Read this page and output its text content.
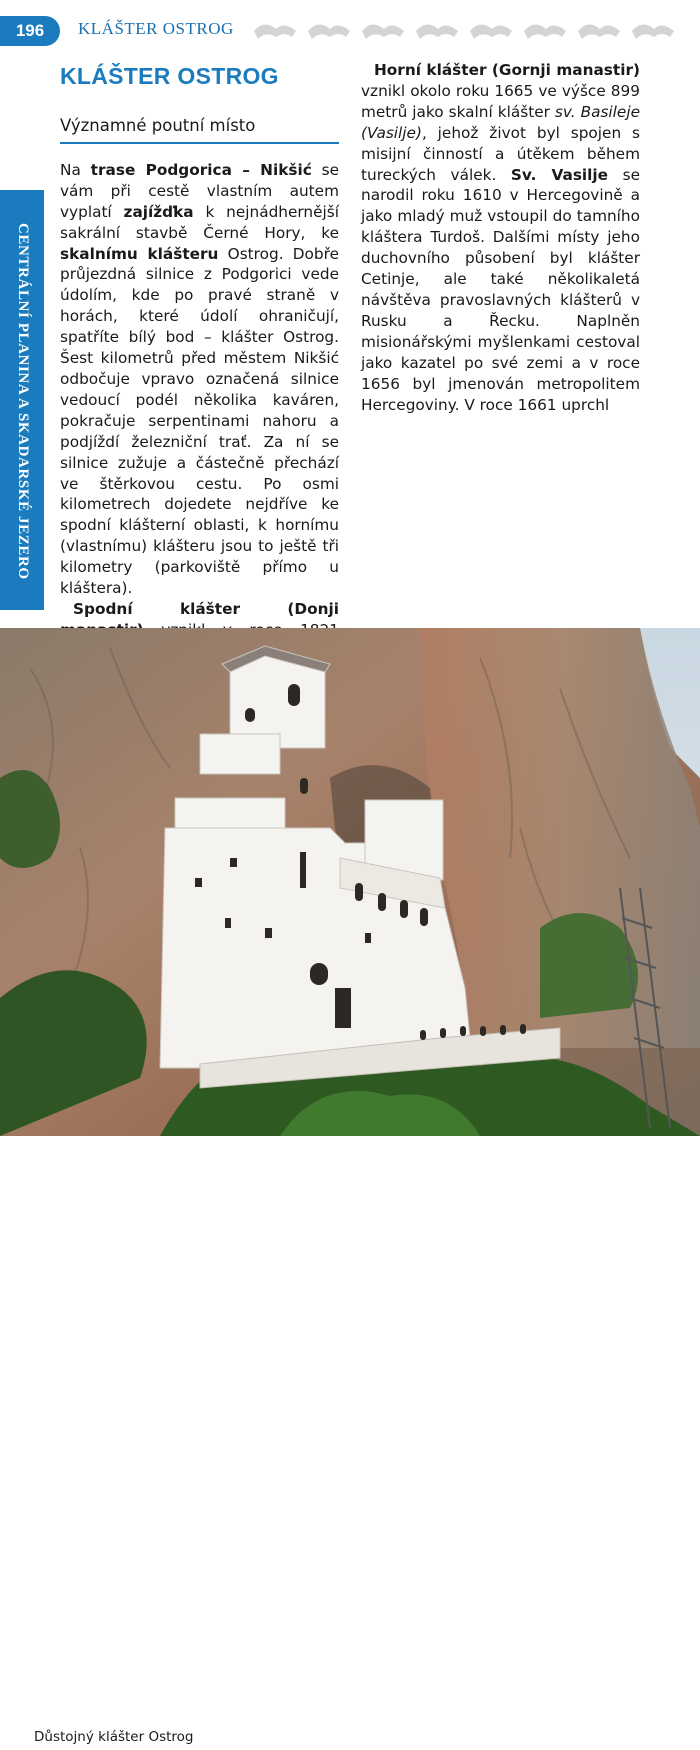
196	KLÁŠTER OSTROG
CENTRÁLNÍ PLANINA A SKADARSKÉ JEZERO
KLÁŠTER OSTROG
Významné poutní místo

Na trase Podgorica – Nikšić se vám při cestě vlastním autem vyplatí zajížďka k nejnádhernější sakrální stavbě Černé Hory, ke skalnímu klášteru Ostrog. Dobře průjezdná silnice z Podgorici vede údolím, kde po pravé straně v horách, které údolí ohraničují, spatříte bílý bod – klášter Ostrog. Šest kilometrů před městem Nikšić odbočuje vpravo označená silnice vedoucí podél několika kaváren, pokračuje serpentinami nahoru a podjíždí železniční trať. Za ní se silnice zužuje a částečně přechází ve štěrkovou cestu. Po osmi kilometrech dojedete nejdříve ke spodní klášterní oblasti, k hornímu (vlastnímu) klášteru jsou to ještě tři kilometry (parkoviště přímo u kláštera).

Spodní klášter (Donji

Horní klášter (Gornji manastir) vznikl okolo roku 1665 ve výšce 899 metrů jako skalní klášter sv. Basileje (Vasilje), jehož život byl spojen s misijní činností a útěkem během tureckých válek. Sv. Vasilje se narodil roku 1610 v Hercegovině a jako mladý muž vstoupil do tamního kláštera Turdoš. Dalšími místy jeho duchovního působení byl klášter Cetinje, ale také několikaletá návštěva pravoslavných klášterů v Rusku a Řecku. Naplněn misionářskými myšlenkami cestoval jako kazatel po své zemi a v roce 1656 byl jmenován metropolitem Hercegoviny. V roce 1661 uprchl

Důstojný klášter Ostrog
